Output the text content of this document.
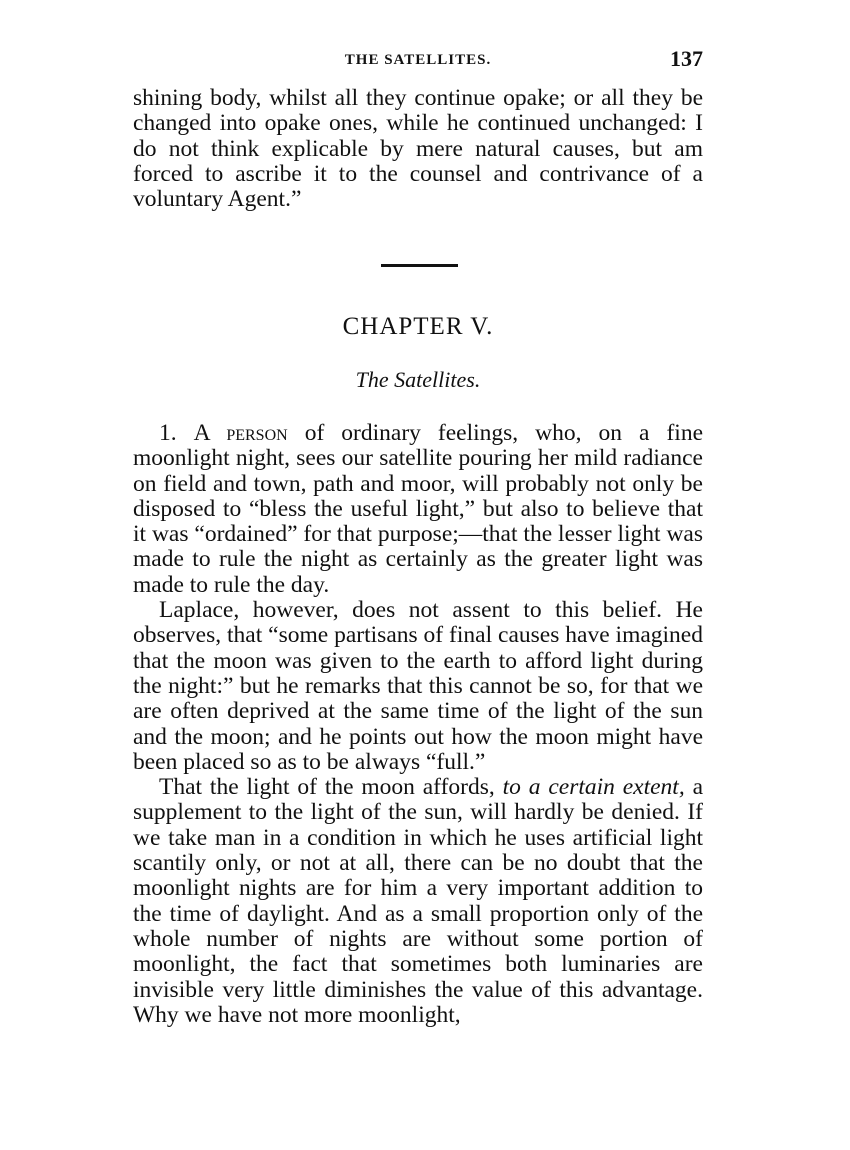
THE SATELLITES.	137

shining body, whilst all they continue opake; or all they be changed into opake ones, while he continued unchanged: I do not think explicable by mere natural causes, but am forced to ascribe it to the counsel and contrivance of a voluntary Agent.”

CHAPTER V.
The Satellites.

1. A person of ordinary feelings, who, on a fine moonlight night, sees our satellite pouring her mild radiance on field and town, path and moor, will probably not only be disposed to “bless the useful light,” but also to believe that it was “ordained” for that purpose;—that the lesser light was made to rule the night as certainly as the greater light was made to rule the day.

Laplace, however, does not assent to this belief. He observes, that “some partisans of final causes have imagined that the moon was given to the earth to afford light during the night:” but he remarks that this cannot be so, for that we are often deprived at the same time of the light of the sun and the moon; and he points out how the moon might have been placed so as to be always “full.”

That the light of the moon affords, to a certain extent, a supplement to the light of the sun, will hardly be denied. If we take man in a condition in which he uses artificial light scantily only, or not at all, there can be no doubt that the moonlight nights are for him a very important addition to the time of daylight. And as a small proportion only of the whole number of nights are without some portion of moonlight, the fact that sometimes both luminaries are invisible very little diminishes the value of this advantage. Why we have not more moonlight,
